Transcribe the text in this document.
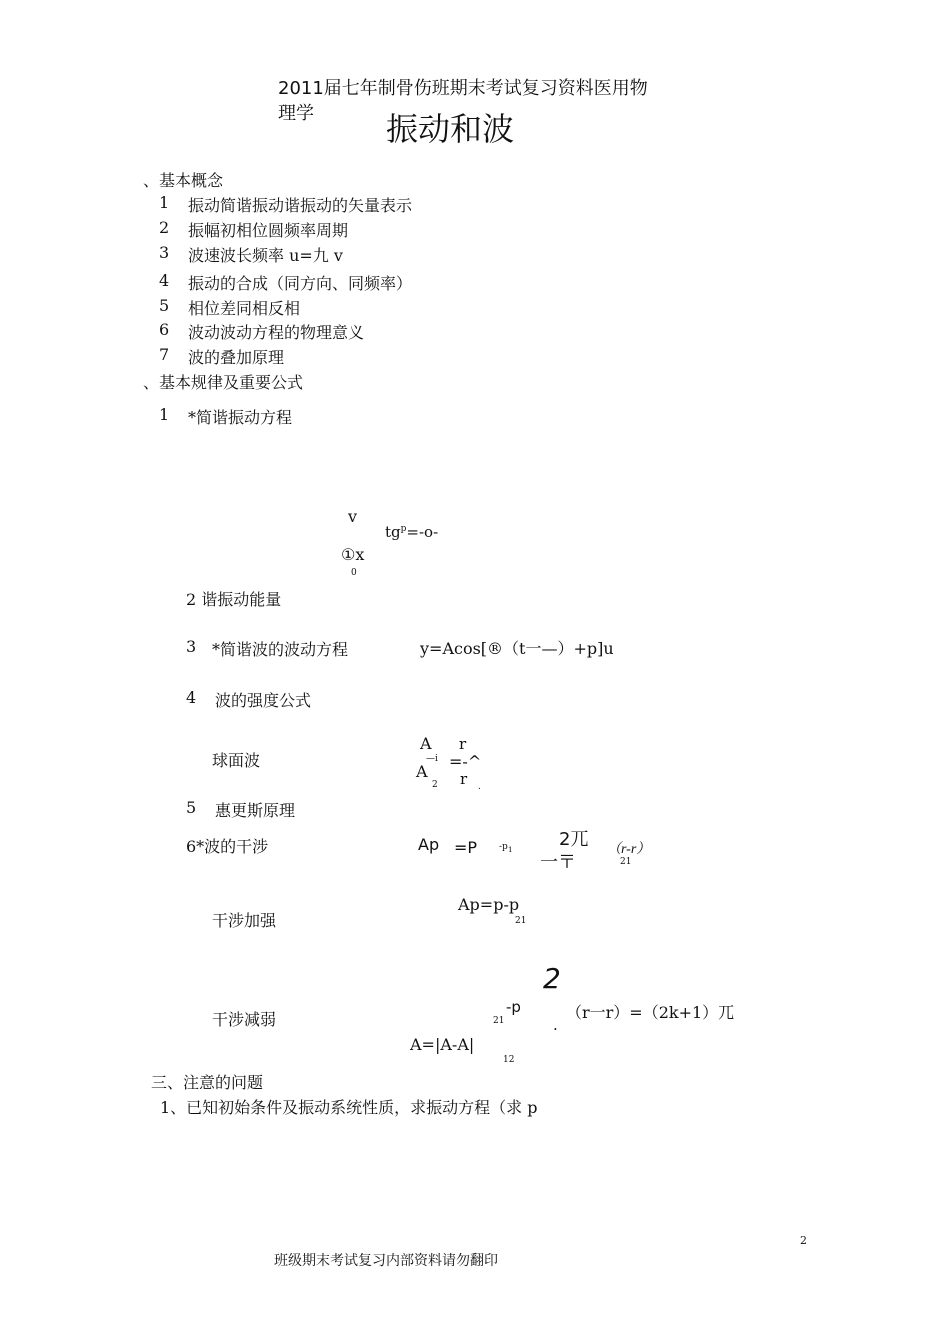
2011届七年制骨伤班期末考试复习资料医用物
理学 振动和波
、基本概念
1 振动简谐振动谐振动的矢量表示
2 振幅初相位圆频率周期
3 波速波长频率 u=九 v
4 振动的合成（同方向、同频率）
5 相位差同相反相
6 波动波动方程的物理意义
7 波的叠加原理
、基本规律及重要公式
1 *简谐振动方程
v
$tg^p=-o-$
①x
0
2 谐振动能量
3 *简谐波的波动方程	y=Acos[®（t一—）+p]u
4 波的强度公式
球面波
A r
—i
A
=-^
2 r .
5 惠更斯原理
6*波的干涉	Ap =P $-p_1$	2兀
一〒
（r-r）
21
干涉加强
Ap=p-p
21
干涉减弱
2
21
-p
.
（r一r）=（2k+1）兀
A=|A-A|
12
三、注意的问题
1、已知初始条件及振动系统性质，求振动方程（求 p
2
班级期末考试复习内部资料请勿翻印
